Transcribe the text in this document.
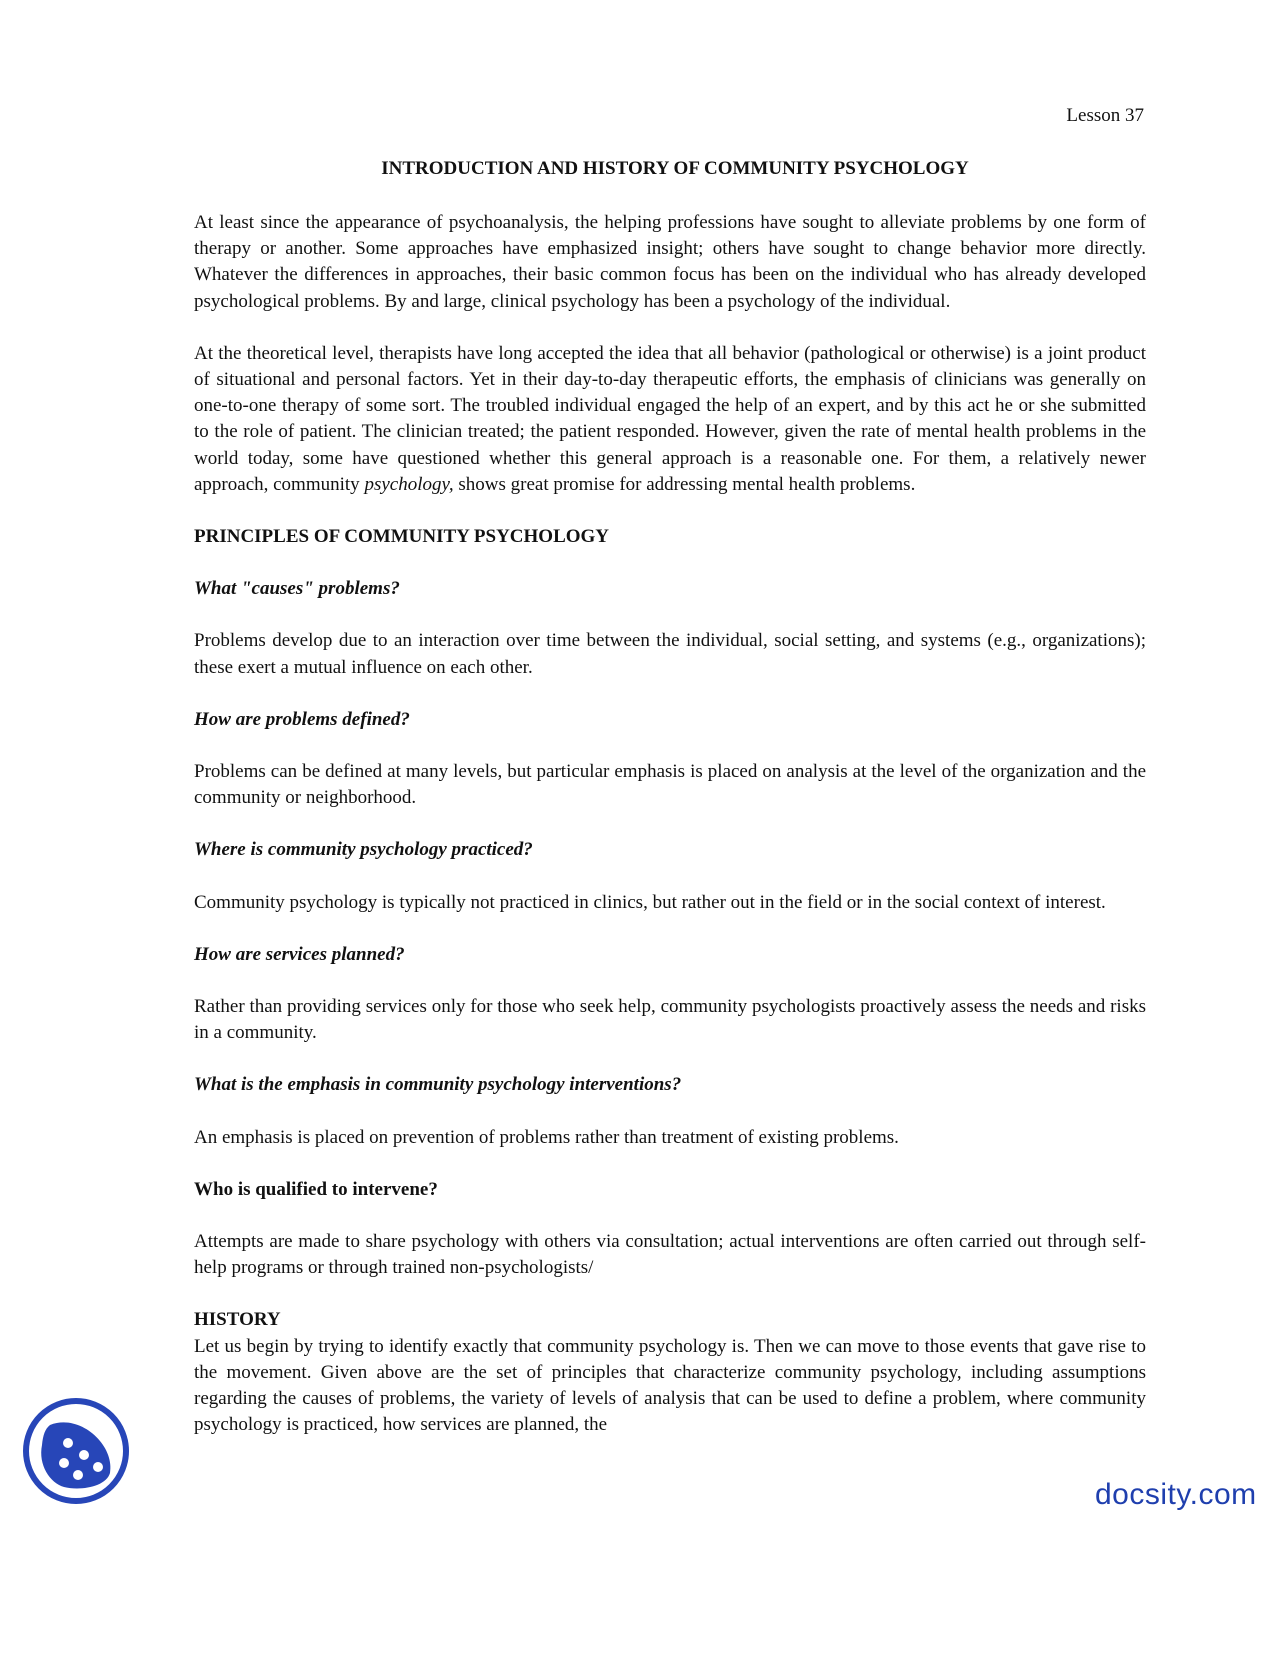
Lesson 37
INTRODUCTION AND HISTORY OF COMMUNITY PSYCHOLOGY

At least since the appearance of psychoanalysis, the helping professions have sought to alleviate problems by one form of therapy or another. Some approaches have emphasized insight; others have sought to change behavior more directly. Whatever the differences in approaches, their basic common focus has been on the individual who has already developed psychological problems. By and large, clinical psychology has been a psychology of the individual.

At the theoretical level, therapists have long accepted the idea that all behavior (pathological or otherwise) is a joint product of situational and personal factors. Yet in their day-to-day therapeutic efforts, the emphasis of clinicians was generally on one-to-one therapy of some sort. The troubled individual engaged the help of an expert, and by this act he or she submitted to the role of patient. The clinician treated; the patient responded. However, given the rate of mental health problems in the world today, some have questioned whether this general approach is a reasonable one. For them, a relatively newer approach, community psychology, shows great promise for addressing mental health problems.

PRINCIPLES OF COMMUNITY PSYCHOLOGY
What "causes" problems?

Problems develop due to an interaction over time between the individual, social setting, and systems (e.g., organizations); these exert a mutual influence on each other.

How are problems defined?

Problems can be defined at many levels, but particular emphasis is placed on analysis at the level of the organization and the community or neighborhood.

Where is community psychology practiced?

Community psychology is typically not practiced in clinics, but rather out in the field or in the social context of interest.

How are services planned?

Rather than providing services only for those who seek help, community psychologists proactively assess the needs and risks in a community.

What is the emphasis in community psychology interventions?

An emphasis is placed on prevention of problems rather than treatment of existing problems.

Who is qualified to intervene?

Attempts are made to share psychology with others via consultation; actual interventions are often carried out through self-help programs or through trained non-psychologists/

HISTORY

Let us begin by trying to identify exactly that community psychology is. Then we can move to those events that gave rise to the movement. Given above are the set of principles that characterize community psychology, including assumptions regarding the causes of problems, the variety of levels of analysis that can be used to define a problem, where community psychology is practiced, how services are planned, the

docsity.com
